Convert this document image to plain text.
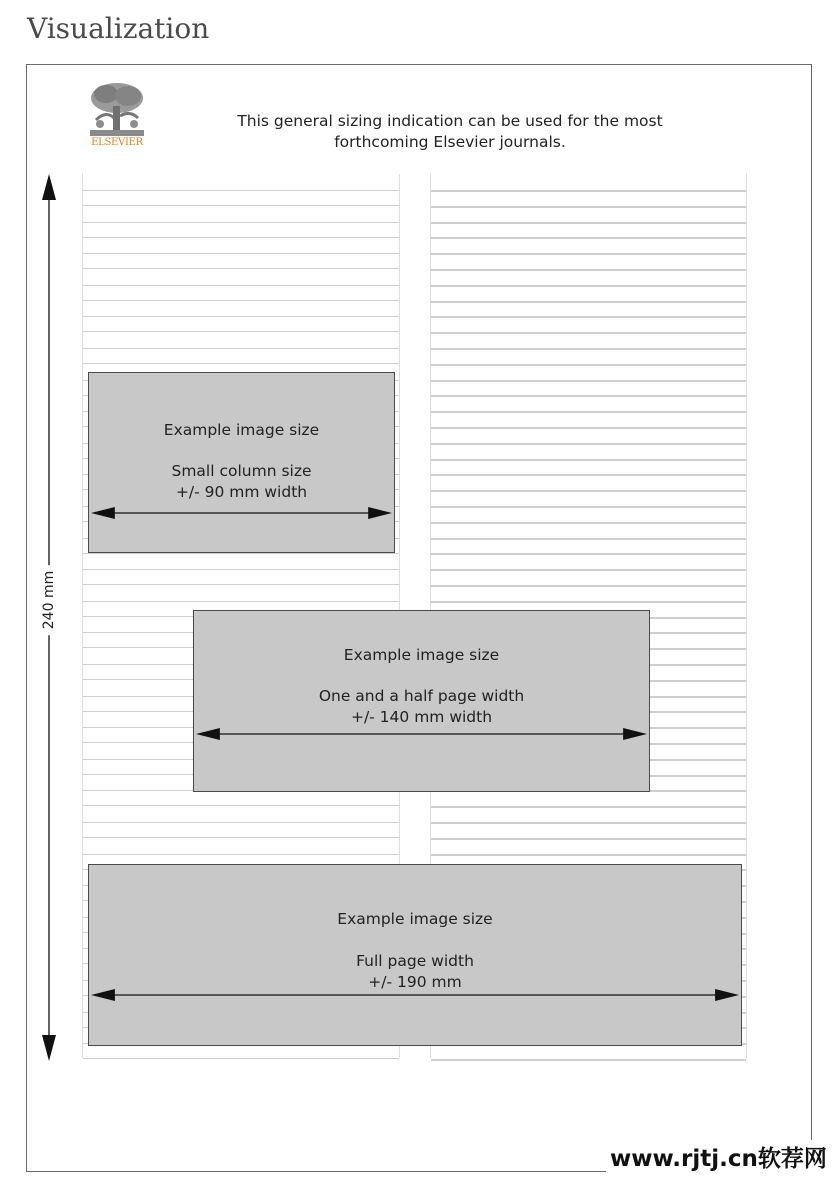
Visualization
ELSEVIER
This general sizing indication can be used for the most
forthcoming Elsevier journals.
240 mm
Example image size
Small column size
+/- 90 mm width
Example image size
One and a half page width
+/- 140 mm width
Example image size
Full page width
+/- 190 mm
www.rjtj.cn软荐网
